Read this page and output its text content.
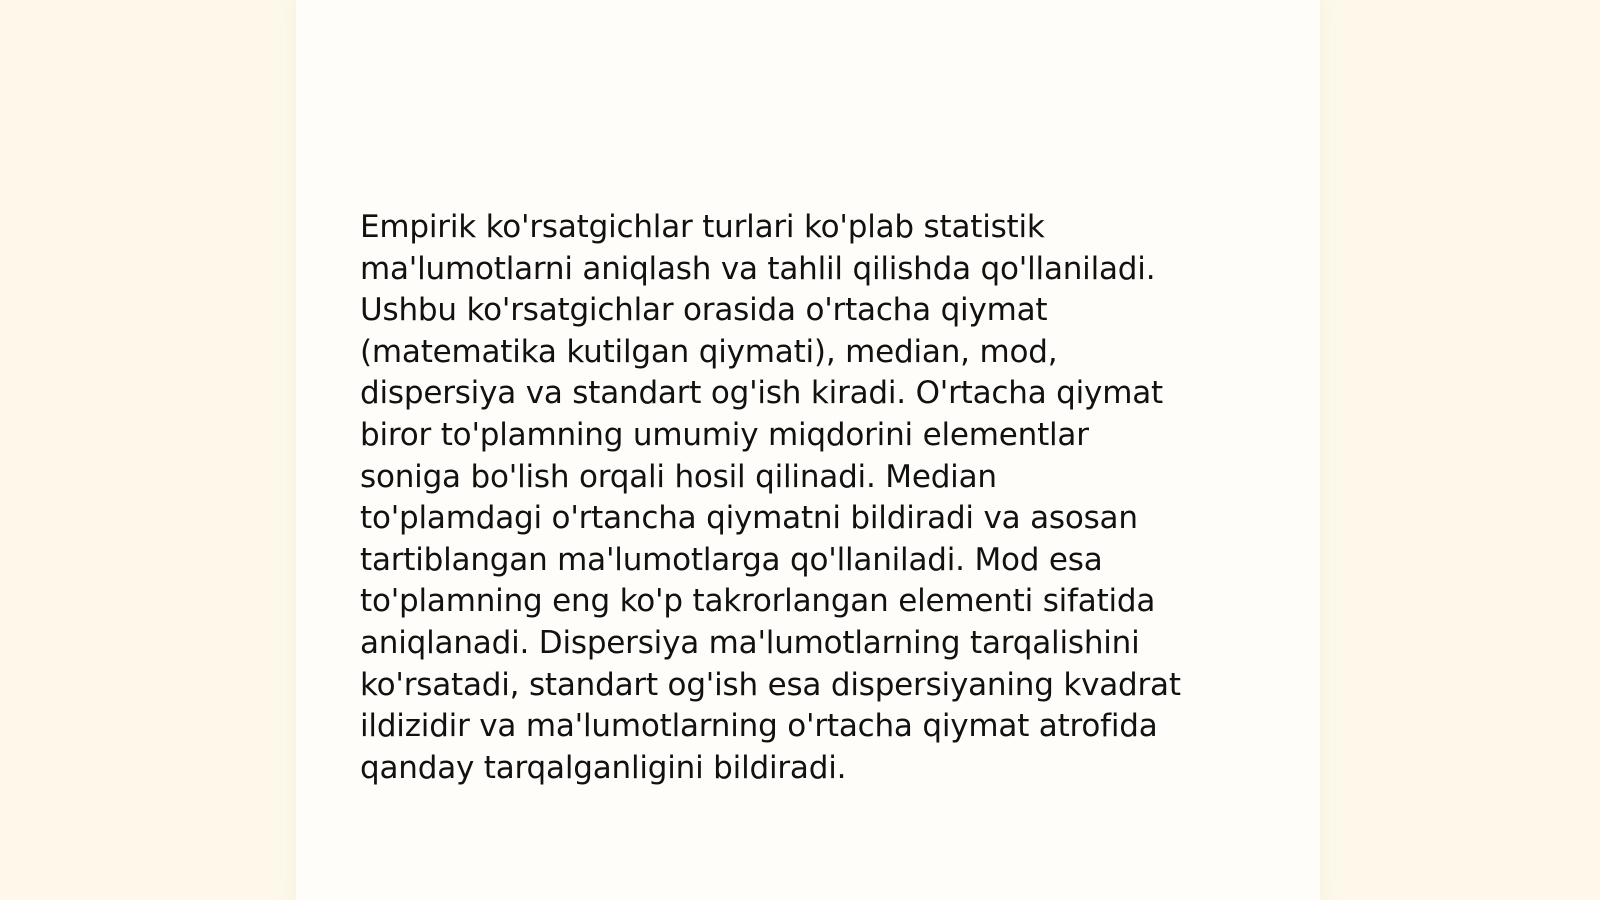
Empirik ko'rsatgichlar turlari ko'plab statistik
ma'lumotlarni aniqlash va tahlil qilishda qo'llaniladi.
Ushbu ko'rsatgichlar orasida o'rtacha qiymat
(matematika kutilgan qiymati), median, mod,
dispersiya va standart og'ish kiradi. O'rtacha qiymat
biror to'plamning umumiy miqdorini elementlar
soniga bo'lish orqali hosil qilinadi. Median
to'plamdagi o'rtancha qiymatni bildiradi va asosan
tartiblangan ma'lumotlarga qo'llaniladi. Mod esa
to'plamning eng ko'p takrorlangan elementi sifatida
aniqlanadi. Dispersiya ma'lumotlarning tarqalishini
ko'rsatadi, standart og'ish esa dispersiyaning kvadrat
ildizidir va ma'lumotlarning o'rtacha qiymat atrofida
qanday tarqalganligini bildiradi.
